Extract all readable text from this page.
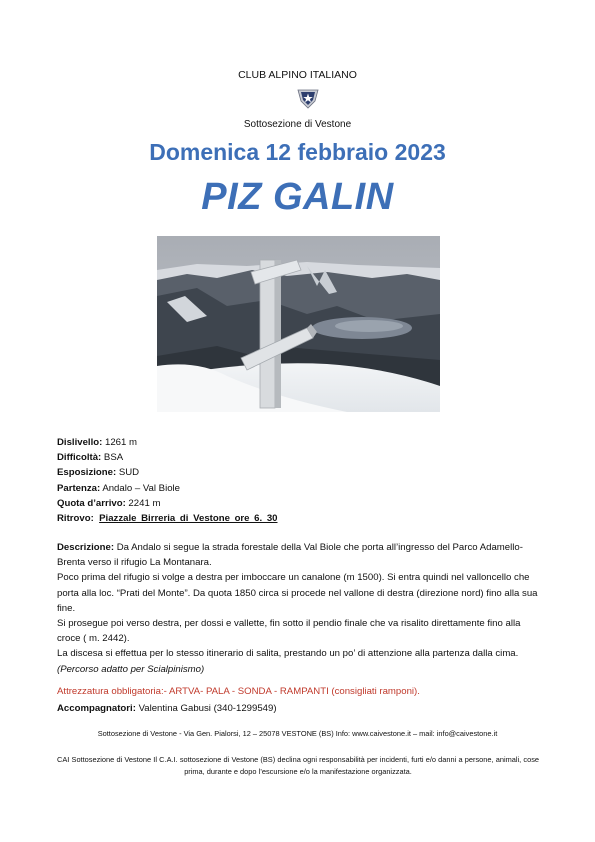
CLUB ALPINO ITALIANO
Sottosezione di Vestone
Domenica 12 febbraio 2023
PIZ GALIN
Dislivello: 1261 m
Difficoltà: BSA
Esposizione: SUD
Partenza: Andalo – Val Biole
Quota d’arrivo: 2241 m
Ritrovo: Piazzale Birreria di Vestone ore 6. 30

Descrizione: Da Andalo si segue la strada forestale della Val Biole che porta all’ingresso del Parco Adamello-Brenta verso il rifugio La Montanara.

Poco prima del rifugio si volge a destra per imboccare un canalone (m 1500). Si entra quindi nel valloncello che porta alla loc. “Prati del Monte”. Da quota 1850 circa si procede nel vallone di destra (direzione nord) fino alla sua fine.

Si prosegue poi verso destra, per dossi e vallette, fin sotto il pendio finale che va risalito direttamente fino alla croce ( m. 2442).

La discesa si effettua per lo stesso itinerario di salita, prestando un po’ di attenzione alla partenza dalla cima.

(Percorso adatto per Scialpinismo)

Attrezzatura obbligatoria:- ARTVA- PALA - SONDA - RAMPANTI (consigliati ramponi).
Accompagnatori: Valentina Gabusi (340-1299549)
Sottosezione di Vestone - Via Gen. Pialorsi, 12 – 25078 VESTONE (BS) Info: www.caivestone.it – mail: info@caivestone.it
CAI Sottosezione di Vestone Il C.A.I. sottosezione di Vestone (BS) declina ogni responsabilità per incidenti, furti e/o danni a persone, animali, cose prima, durante e dopo l’escursione e/o la manifestazione organizzata.
